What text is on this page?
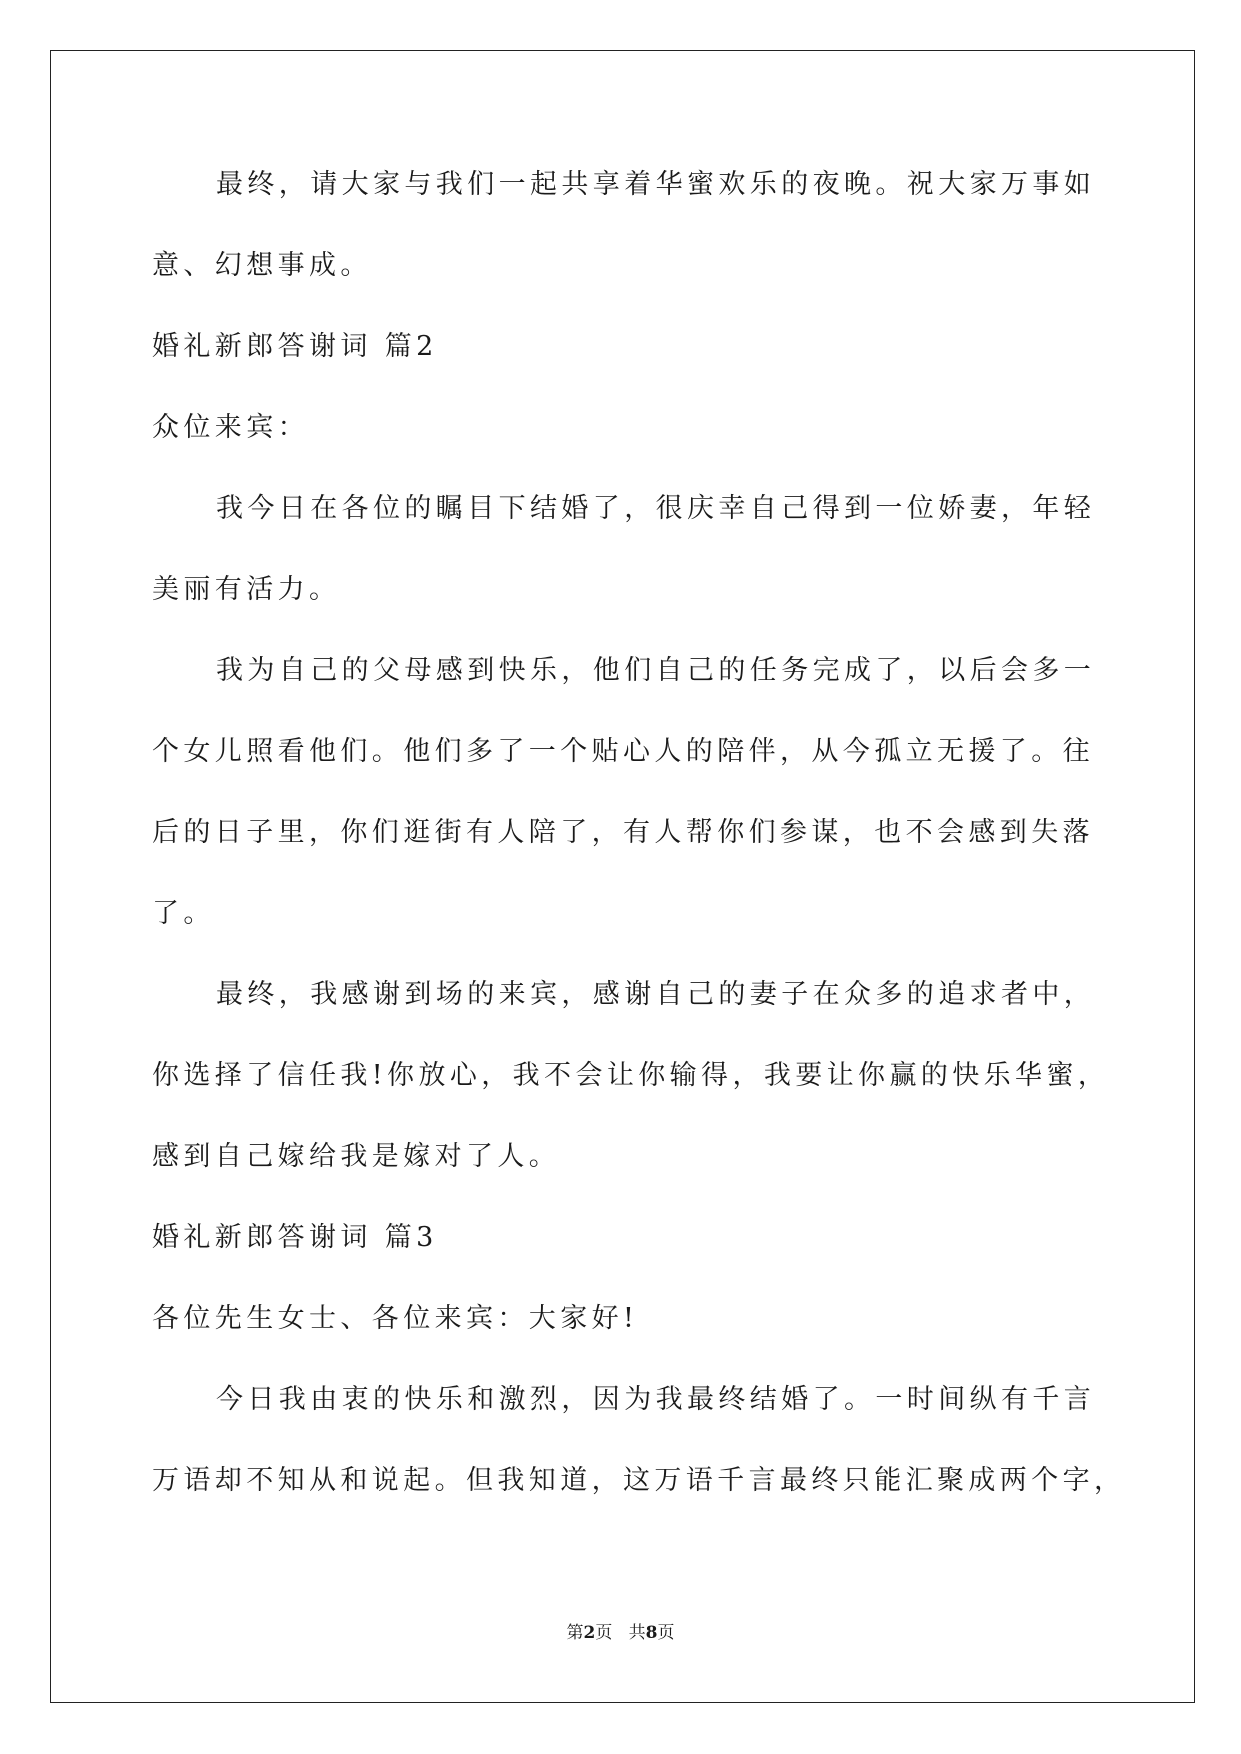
最终，请大家与我们一起共享着华蜜欢乐的夜晚。祝大家万事如
意、幻想事成。
婚礼新郎答谢词 篇2
众位来宾：
我今日在各位的瞩目下结婚了，很庆幸自己得到一位娇妻，年轻
美丽有活力。
我为自己的父母感到快乐，他们自己的任务完成了，以后会多一
个女儿照看他们。他们多了一个贴心人的陪伴，从今孤立无援了。往
后的日子里，你们逛街有人陪了，有人帮你们参谋，也不会感到失落
了。
最终，我感谢到场的来宾，感谢自己的妻子在众多的追求者中，
你选择了信任我!你放心，我不会让你输得，我要让你赢的快乐华蜜，
感到自己嫁给我是嫁对了人。
婚礼新郎答谢词 篇3
各位先生女士、各位来宾：大家好!
今日我由衷的快乐和激烈，因为我最终结婚了。一时间纵有千言
万语却不知从和说起。但我知道，这万语千言最终只能汇聚成两个字，
第2页 共8页
